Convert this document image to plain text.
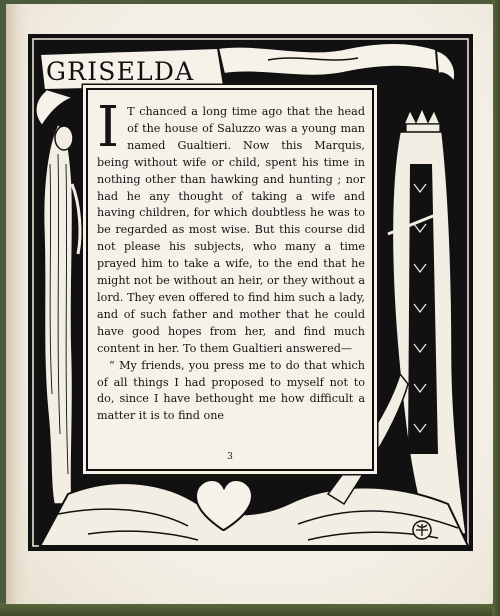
GRISELDA

I T chanced a long time ago that the head of the house of Saluzzo was a young man named Gualtieri. Now this Marquis, being without wife or child, spent his time in nothing other than hawking and hunting ; nor had he any thought of taking a wife and having children, for which doubtless he was to be regarded as most wise. But this course did not please his subjects, who many a time prayed him to take a wife, to the end that he might not be without an heir, or they without a lord. They even offered to find him such a lady, and of such father and mother that he could have good hopes from her, and find much content in her. To them Gualtieri answered—

“ My friends, you press me to do that which of all things I had proposed to myself not to do, since I have bethought me how difficult a matter it is to find one

3
